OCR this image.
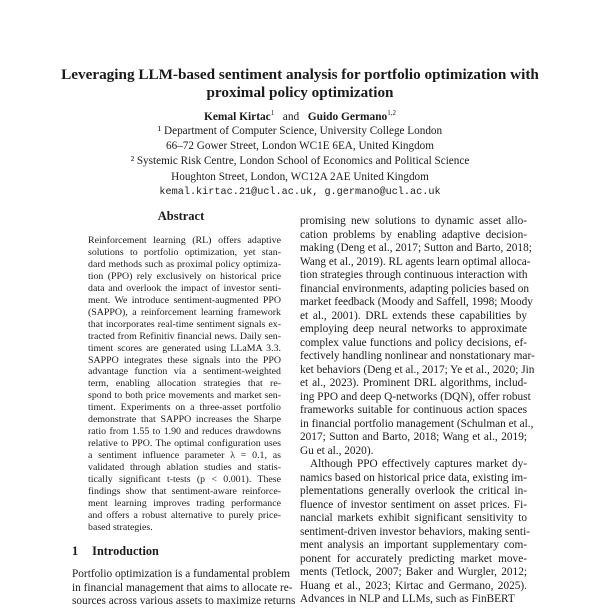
Leveraging LLM-based sentiment analysis for portfolio optimization with
proximal policy optimization
Kemal Kirtac$^1$ and Guido Germano$^{1,2}$
¹ Department of Computer Science, University College London
66–72 Gower Street, London WC1E 6EA, United Kingdom
² Systemic Risk Centre, London School of Economics and Political Science
Houghton Street, London, WC12A 2AE United Kingdom
kemal.kirtac.21@ucl.ac.uk, g.germano@ucl.ac.uk
Abstract
Reinforcement learning (RL) offers adaptive
solutions to portfolio optimization, yet stan-
dard methods such as proximal policy optimiza-
tion (PPO) rely exclusively on historical price
data and overlook the impact of investor senti-
ment. We introduce sentiment-augmented PPO
(SAPPO), a reinforcement learning framework
that incorporates real-time sentiment signals ex-
tracted from Refinitiv financial news. Daily sen-
timent scores are generated using LLaMA 3.3.
SAPPO integrates these signals into the PPO
advantage function via a sentiment-weighted
term, enabling allocation strategies that re-
spond to both price movements and market sen-
timent. Experiments on a three-asset portfolio
demonstrate that SAPPO increases the Sharpe
ratio from 1.55 to 1.90 and reduces drawdowns
relative to PPO. The optimal configuration uses
a sentiment influence parameter λ = 0.1, as
validated through ablation studies and statis-
tically significant t-tests (p < 0.001). These
findings show that sentiment-aware reinforce-
ment learning improves trading performance
and offers a robust alternative to purely price-
based strategies.
1 Introduction
Portfolio optimization is a fundamental problem
in financial management that aims to allocate re-
sources across various assets to maximize returns
promising new solutions to dynamic asset allo-
cation problems by enabling adaptive decision-
making (Deng et al., 2017; Sutton and Barto, 2018;
Wang et al., 2019). RL agents learn optimal alloca-
tion strategies through continuous interaction with
financial environments, adapting policies based on
market feedback (Moody and Saffell, 1998; Moody
et al., 2001). DRL extends these capabilities by
employing deep neural networks to approximate
complex value functions and policy decisions, ef-
fectively handling nonlinear and nonstationary mar-
ket behaviors (Deng et al., 2017; Ye et al., 2020; Jin
et al., 2023). Prominent DRL algorithms, includ-
ing PPO and deep Q-networks (DQN), offer robust
frameworks suitable for continuous action spaces
in financial portfolio management (Schulman et al.,
2017; Sutton and Barto, 2018; Wang et al., 2019;
Gu et al., 2020).
Although PPO effectively captures market dy-
namics based on historical price data, existing im-
plementations generally overlook the critical in-
fluence of investor sentiment on asset prices. Fi-
nancial markets exhibit significant sensitivity to
sentiment-driven investor behaviors, making senti-
ment analysis an important supplementary com-
ponent for accurately predicting market move-
ments (Tetlock, 2007; Baker and Wurgler, 2012;
Huang et al., 2023; Kirtac and Germano, 2025).
Advances in NLP and LLMs, such as FinBERT
